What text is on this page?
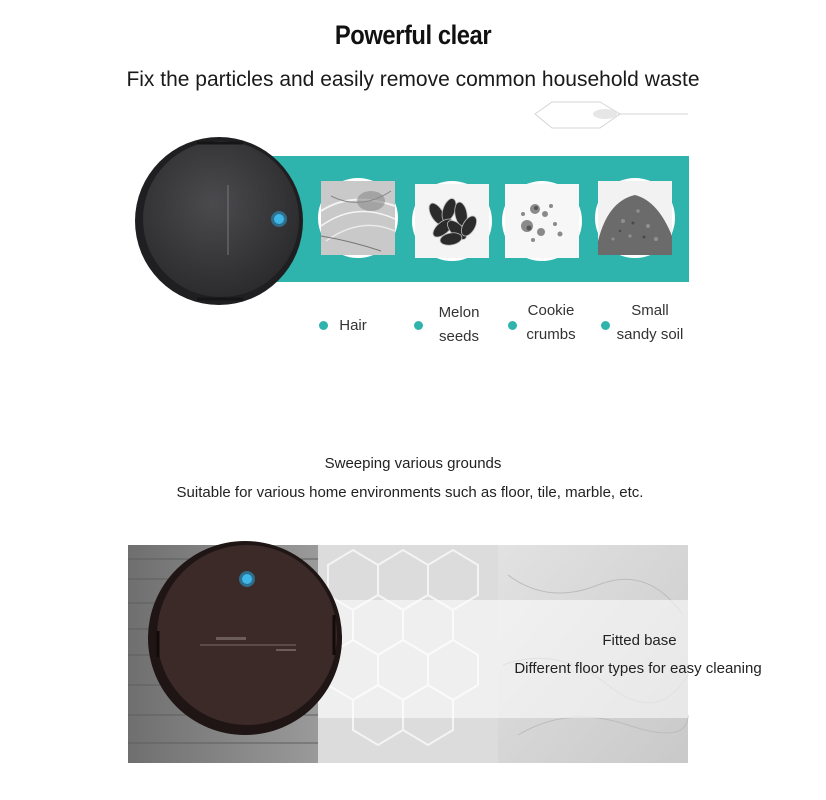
Powerful clear
Fix the particles and easily remove common household waste
Hair
Melon
seeds
Cookie
crumbs
Small
sandy soil
Sweeping various grounds
Suitable for various home environments such as floor, tile, marble, etc.
Fitted base
Different floor types for easy cleaning
